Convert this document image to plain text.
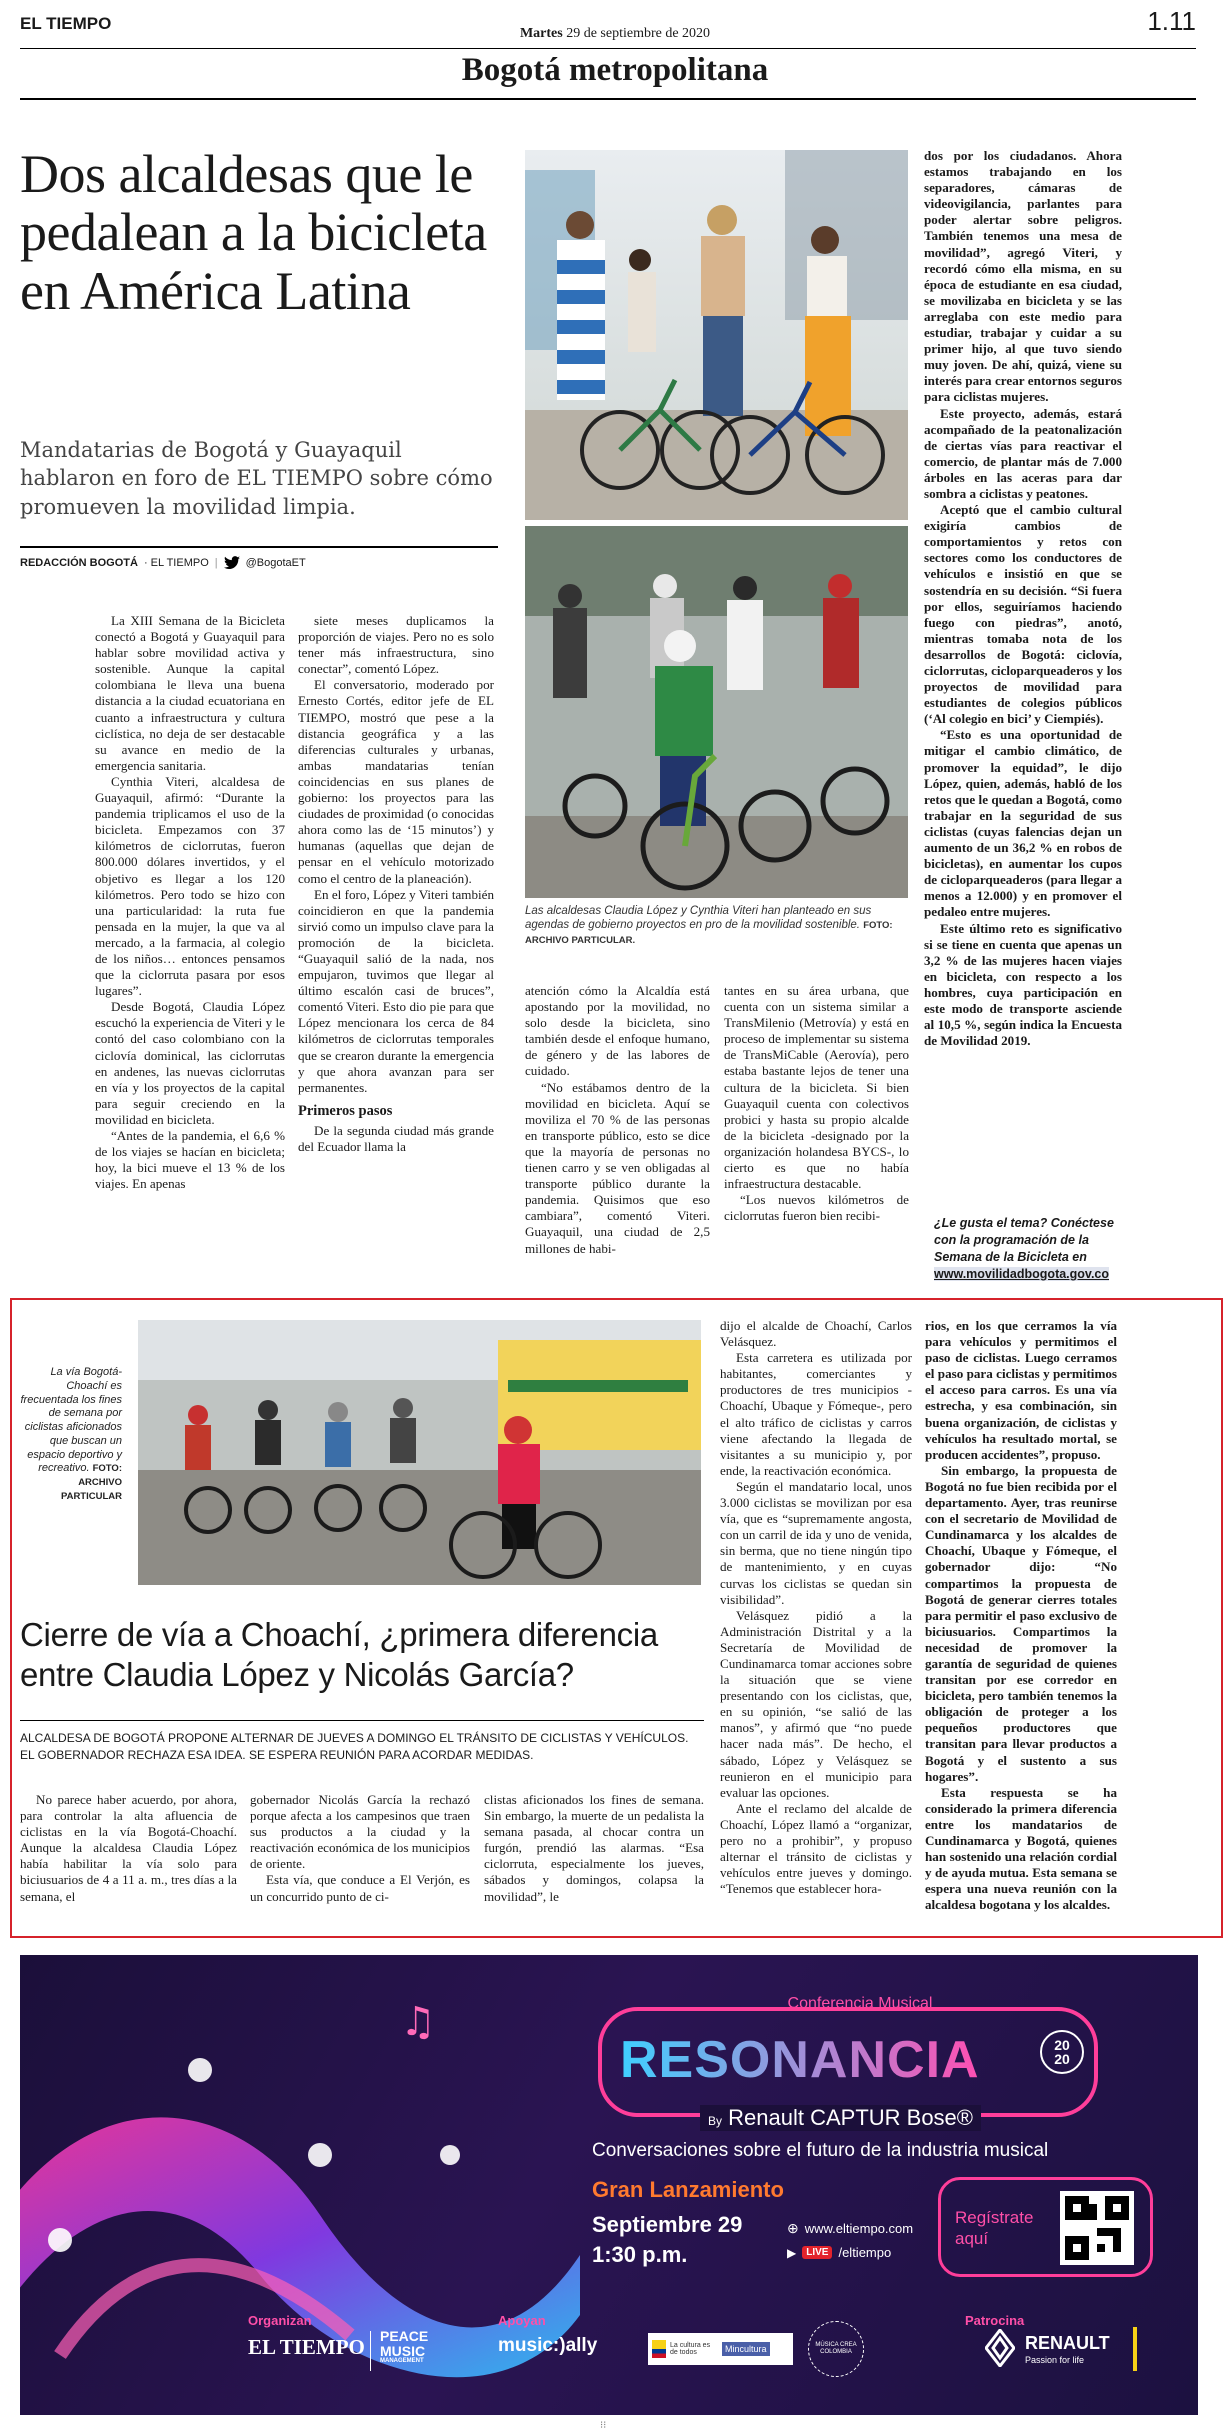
EL TIEMPO
Martes 29 de septiembre de 2020	1.11
Bogotá metropolitana
Dos alcaldesas que le pedalean a la bicicleta en América Latina
Mandatarias de Bogotá y Guayaquil hablaron en foro de EL TIEMPO sobre cómo promueven la movilidad limpia.
REDACCIÓN BOGOTÁ · EL TIEMPO |	@BogotaET

La XIII Semana de la Bicicleta conectó a Bogotá y Guayaquil para hablar sobre movilidad activa y sostenible. Aunque la capital colombiana le lleva una buena distancia a la ciudad ecuatoriana en cuanto a infraestructura y cultura ciclística, no deja de ser destacable su avance en medio de la emergencia sanitaria.

Cynthia Viteri, alcaldesa de Guayaquil, afirmó: “Durante la pandemia triplicamos el uso de la bicicleta. Empezamos con 37 kilómetros de ciclorrutas, fueron 800.000 dólares invertidos, y el objetivo es llegar a los 120 kilómetros. Pero todo se hizo con una particularidad: la ruta fue pensada en la mujer, la que va al mercado, a la farmacia, al colegio de los niños… entonces pensamos que la ciclorruta pasara por esos lugares”.

Desde Bogotá, Claudia López escuchó la experiencia de Viteri y le contó del caso colombiano con la ciclovía dominical, las ciclorrutas en andenes, las nuevas ciclorrutas en vía y los proyectos de la capital para seguir creciendo en la movilidad en bicicleta.

“Antes de la pandemia, el 6,6 % de los viajes se hacían en bicicleta; hoy, la bici mueve el 13 % de los viajes. En apenas

siete meses duplicamos la proporción de viajes. Pero no es solo tener más infraestructura, sino conectar”, comentó López.

El conversatorio, moderado por Ernesto Cortés, editor jefe de EL TIEMPO, mostró que pese a la distancia geográfica y a las diferencias culturales y urbanas, ambas mandatarias tenían coincidencias en sus planes de gobierno: los proyectos para las ciudades de proximidad (o conocidas ahora como las de ‘15 minutos’) y humanas (aquellas que dejan de pensar en el vehículo motorizado como el centro de la planeación).

En el foro, López y Viteri también coincidieron en que la pandemia sirvió como un impulso clave para la promoción de la bicicleta. “Guayaquil salió de la nada, nos empujaron, tuvimos que llegar al último escalón casi de bruces”, comentó Viteri. Esto dio pie para que López mencionara los cerca de 84 kilómetros de ciclorrutas temporales que se crearon durante la emergencia y que ahora avanzan para ser permanentes.

Primeros pasos

De la segunda ciudad más grande del Ecuador llama la

atención cómo la Alcaldía está apostando por la movilidad, no solo desde la bicicleta, sino también desde el enfoque humano, de género y de las labores de cuidado.

“No estábamos dentro de la movilidad en bicicleta. Aquí se moviliza el 70 % de las personas en transporte público, esto se dice que la mayoría de personas no tienen carro y se ven obligadas al transporte público durante la pandemia. Quisimos que eso cambiara”, comentó Viteri. Guayaquil, una ciudad de 2,5 millones de habi-

tantes en su área urbana, que cuenta con un sistema similar a TransMilenio (Metrovía) y está en proceso de implementar su sistema de TransMiCable (Aerovía), pero estaba bastante lejos de tener una cultura de la bicicleta. Si bien Guayaquil cuenta con colectivos probici y hasta su propio alcalde de la bicicleta -designado por la organización holandesa BYCS-, lo cierto es que no había infraestructura destacable.

“Los nuevos kilómetros de ciclorrutas fueron bien recibi-

dos por los ciudadanos. Ahora estamos trabajando en los separadores, cámaras de videovigilancia, parlantes para poder alertar sobre peligros. También tenemos una mesa de movilidad”, agregó Viteri, y recordó cómo ella misma, en su época de estudiante en esa ciudad, se movilizaba en bicicleta y se las arreglaba con este medio para estudiar, trabajar y cuidar a su primer hijo, al que tuvo siendo muy joven. De ahí, quizá, viene su interés para crear entornos seguros para ciclistas mujeres.

Este proyecto, además, estará acompañado de la peatonalización de ciertas vías para reactivar el comercio, de plantar más de 7.000 árboles en las aceras para dar sombra a ciclistas y peatones.

Aceptó que el cambio cultural exigiría cambios de comportamientos y retos con sectores como los conductores de vehículos e insistió en que se sostendría en su decisión. “Si fuera por ellos, seguiríamos haciendo fuego con piedras”, anotó, mientras tomaba nota de los desarrollos de Bogotá: ciclovía, ciclorrutas, cicloparqueaderos y los proyectos de movilidad para estudiantes de colegios públicos (‘Al colegio en bici’ y Ciempiés).

“Esto es una oportunidad de mitigar el cambio climático, de promover la equidad”, le dijo López, quien, además, habló de los retos que le quedan a Bogotá, como trabajar en la seguridad de sus ciclistas (cuyas falencias dejan un aumento de un 36,2 % en robos de bicicletas), en aumentar los cupos de cicloparqueaderos (para llegar a menos a 12.000) y en promover el pedaleo entre mujeres.

Este último reto es significativo si se tiene en cuenta que apenas un 3,2 % de las mujeres hacen viajes en bicicleta, con respecto a los hombres, cuya participación en este modo de transporte asciende al 10,5 %, según indica la Encuesta de Movilidad 2019.

¿Le gusta el tema? Conéctese con la programación de la Semana de la Bicicleta en www.movilidadbogota.gov.co
Las alcaldesas Claudia López y Cynthia Viteri han planteado en sus agendas de gobierno proyectos en pro de la movilidad sostenible. FOTO: ARCHIVO PARTICULAR.
La vía Bogotá-Choachí es frecuentada los fines de semana por ciclistas aficionados que buscan un espacio deportivo y recreativo. FOTO: ARCHIVO PARTICULAR
Cierre de vía a Choachí, ¿primera diferencia entre Claudia López y Nicolás García?
ALCALDESA DE BOGOTÁ PROPONE ALTERNAR DE JUEVES A DOMINGO EL TRÁNSITO DE CICLISTAS Y VEHÍCULOS. EL GOBERNADOR RECHAZA ESA IDEA. SE ESPERA REUNIÓN PARA ACORDAR MEDIDAS.

No parece haber acuerdo, por ahora, para controlar la alta afluencia de ciclistas en la vía Bogotá-Choachí. Aunque la alcaldesa Claudia López había habilitar la vía solo para biciusuarios de 4 a 11 a. m., tres días a la semana, el

gobernador Nicolás García la rechazó porque afecta a los campesinos que traen sus productos a la ciudad y la reactivación económica de los municipios de oriente.

Esta vía, que conduce a El Verjón, es un concurrido punto de ci-

clistas aficionados los fines de semana. Sin embargo, la muerte de un pedalista la semana pasada, al chocar contra un furgón, prendió las alarmas. “Esa ciclorruta, especialmente los jueves, sábados y domingos, colapsa la movilidad”, le

dijo el alcalde de Choachí, Carlos Velásquez.

Esta carretera es utilizada por habitantes, comerciantes y productores de tres municipios -Choachí, Ubaque y Fómeque-, pero el alto tráfico de ciclistas y carros viene afectando la llegada de visitantes a su municipio y, por ende, la reactivación económica.

Según el mandatario local, unos 3.000 ciclistas se movilizan por esa vía, que es “supremamente angosta, con un carril de ida y uno de venida, sin berma, que no tiene ningún tipo de mantenimiento, y en cuyas curvas los ciclistas se quedan sin visibilidad”.

Velásquez pidió a la Administración Distrital y a la Secretaría de Movilidad de Cundinamarca tomar acciones sobre la situación que se viene presentando con los ciclistas, que, en su opinión, “se salió de las manos”, y afirmó que “no puede hacer nada más”. De hecho, el sábado, López y Velásquez se reunieron en el municipio para evaluar las opciones.

Ante el reclamo del alcalde de Choachí, López llamó a “organizar, pero no a prohibir”, y propuso alternar el tránsito de ciclistas y vehículos entre jueves y domingo. “Tenemos que establecer hora-

rios, en los que cerramos la vía para vehículos y permitimos el paso de ciclistas. Luego cerramos el paso para ciclistas y permitimos el acceso para carros. Es una vía estrecha, y esa combinación, sin buena organización, de ciclistas y vehículos ha resultado mortal, se producen accidentes”, propuso.

Sin embargo, la propuesta de Bogotá no fue bien recibida por el departamento. Ayer, tras reunirse con el secretario de Movilidad de Cundinamarca y los alcaldes de Choachí, Ubaque y Fómeque, el gobernador dijo: “No compartimos la propuesta de Bogotá de generar cierres totales para permitir el paso exclusivo de biciusuarios. Compartimos la necesidad de promover la garantía de seguridad de quienes transitan por ese corredor en bicicleta, pero también tenemos la obligación de proteger a los pequeños productores que transitan para llevar productos a Bogotá y el sustento a sus hogares”.

Esta respuesta se ha considerado la primera diferencia entre los mandatarios de Cundinamarca y Bogotá, quienes han sostenido una relación cordial y de ayuda mutua. Esta semana se espera una nueva reunión con la alcaldesa bogotana y los alcaldes.

♫	Conferencia Musical
RESONANCIA	20
20
By Renault CAPTUR Bose®
Conversaciones sobre el futuro de la industria musical
Gran Lanzamiento
Septiembre 29
1:30 p.m.
⊕ www.eltiempo.com
▶	LIVE /eltiempo
Regístrate aquí
Organizan
EL TIEMPO PEACE
MUSIC
MANAGEMENT
Apoyan
music:)ally	La cultura es de todos	Mincultura	MÚSICA CREA COLOMBIA
Patrocina
RENAULT
Passion for life
⁝⁝
